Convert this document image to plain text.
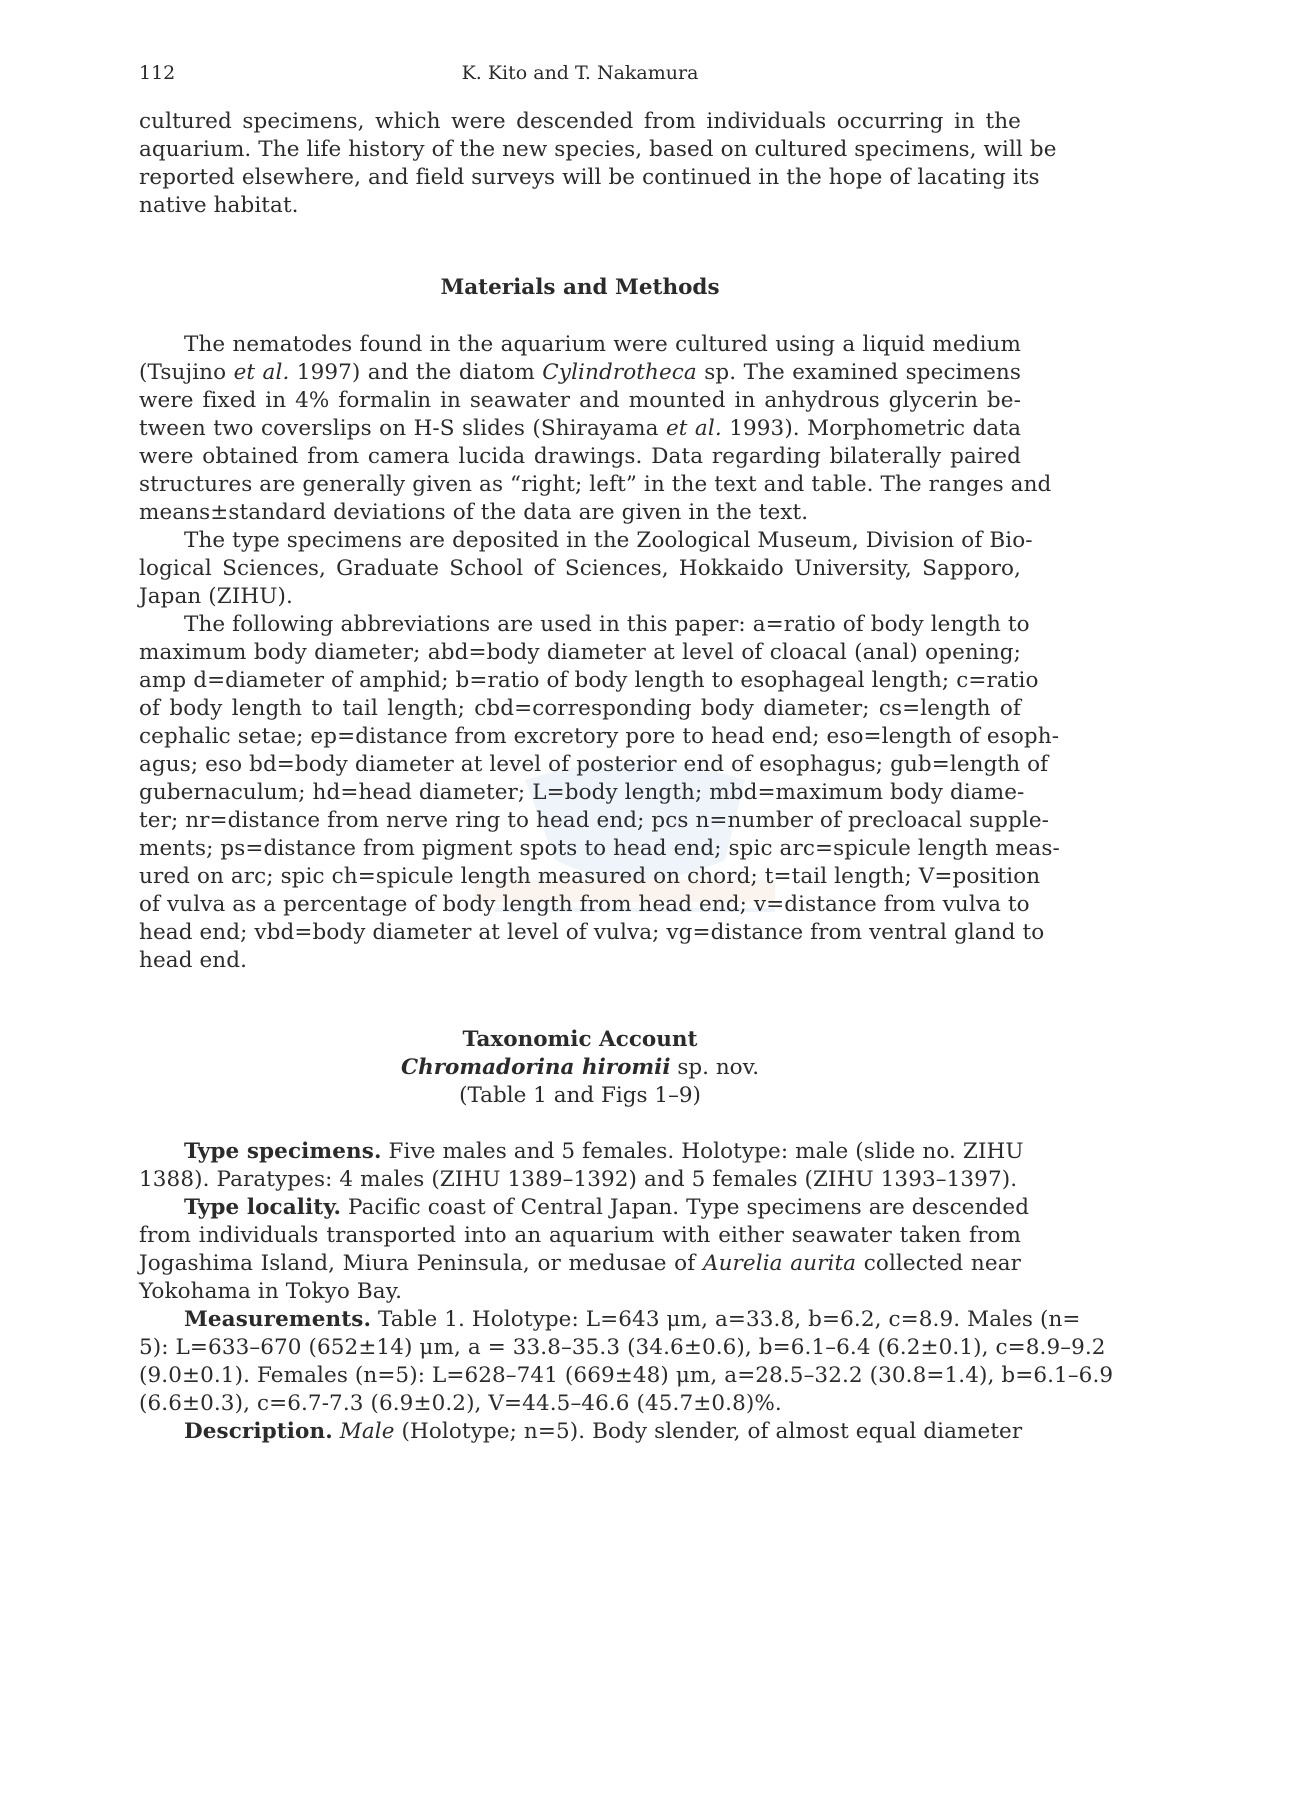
112	K. Kito and T. Nakamura
cultured specimens, which were descended from individuals occurring in the
aquarium. The life history of the new species, based on cultured specimens, will be
reported elsewhere, and field surveys will be continued in the hope of lacating its
native habitat.
Materials and Methods
The nematodes found in the aquarium were cultured using a liquid medium
(Tsujino et al. 1997) and the diatom Cylindrotheca sp. The examined specimens
were fixed in 4% formalin in seawater and mounted in anhydrous glycerin be-
tween two coverslips on H-S slides (Shirayama et al. 1993). Morphometric data
were obtained from camera lucida drawings. Data regarding bilaterally paired
structures are generally given as “right; left” in the text and table. The ranges and
means±standard deviations of the data are given in the text.
The type specimens are deposited in the Zoological Museum, Division of Bio-
logical Sciences, Graduate School of Sciences, Hokkaido University, Sapporo,
Japan (ZIHU).
The following abbreviations are used in this paper: a=ratio of body length to
maximum body diameter; abd=body diameter at level of cloacal (anal) opening;
amp d=diameter of amphid; b=ratio of body length to esophageal length; c=ratio
of body length to tail length; cbd=corresponding body diameter; cs=length of
cephalic setae; ep=distance from excretory pore to head end; eso=length of esoph-
agus; eso bd=body diameter at level of posterior end of esophagus; gub=length of
gubernaculum; hd=head diameter; L=body length; mbd=maximum body diame-
ter; nr=distance from nerve ring to head end; pcs n=number of precloacal supple-
ments; ps=distance from pigment spots to head end; spic arc=spicule length meas-
ured on arc; spic ch=spicule length measured on chord; t=tail length; V=position
of vulva as a percentage of body length from head end; v=distance from vulva to
head end; vbd=body diameter at level of vulva; vg=distance from ventral gland to
head end.
Taxonomic Account
Chromadorina hiromii sp. nov.
(Table 1 and Figs 1–9)
Type specimens. Five males and 5 females. Holotype: male (slide no. ZIHU
1388). Paratypes: 4 males (ZIHU 1389–1392) and 5 females (ZIHU 1393–1397).
Type locality. Pacific coast of Central Japan. Type specimens are descended
from individuals transported into an aquarium with either seawater taken from
Jogashima Island, Miura Peninsula, or medusae of Aurelia aurita collected near
Yokohama in Tokyo Bay.
Measurements. Table 1. Holotype: L=643 μm, a=33.8, b=6.2, c=8.9. Males (n=
5): L=633–670 (652±14) μm, a = 33.8–35.3 (34.6±0.6), b=6.1–6.4 (6.2±0.1), c=8.9–9.2
(9.0±0.1). Females (n=5): L=628–741 (669±48) μm, a=28.5–32.2 (30.8=1.4), b=6.1–6.9
(6.6±0.3), c=6.7-7.3 (6.9±0.2), V=44.5–46.6 (45.7±0.8)%.
Description. Male (Holotype; n=5). Body slender, of almost equal diameter
